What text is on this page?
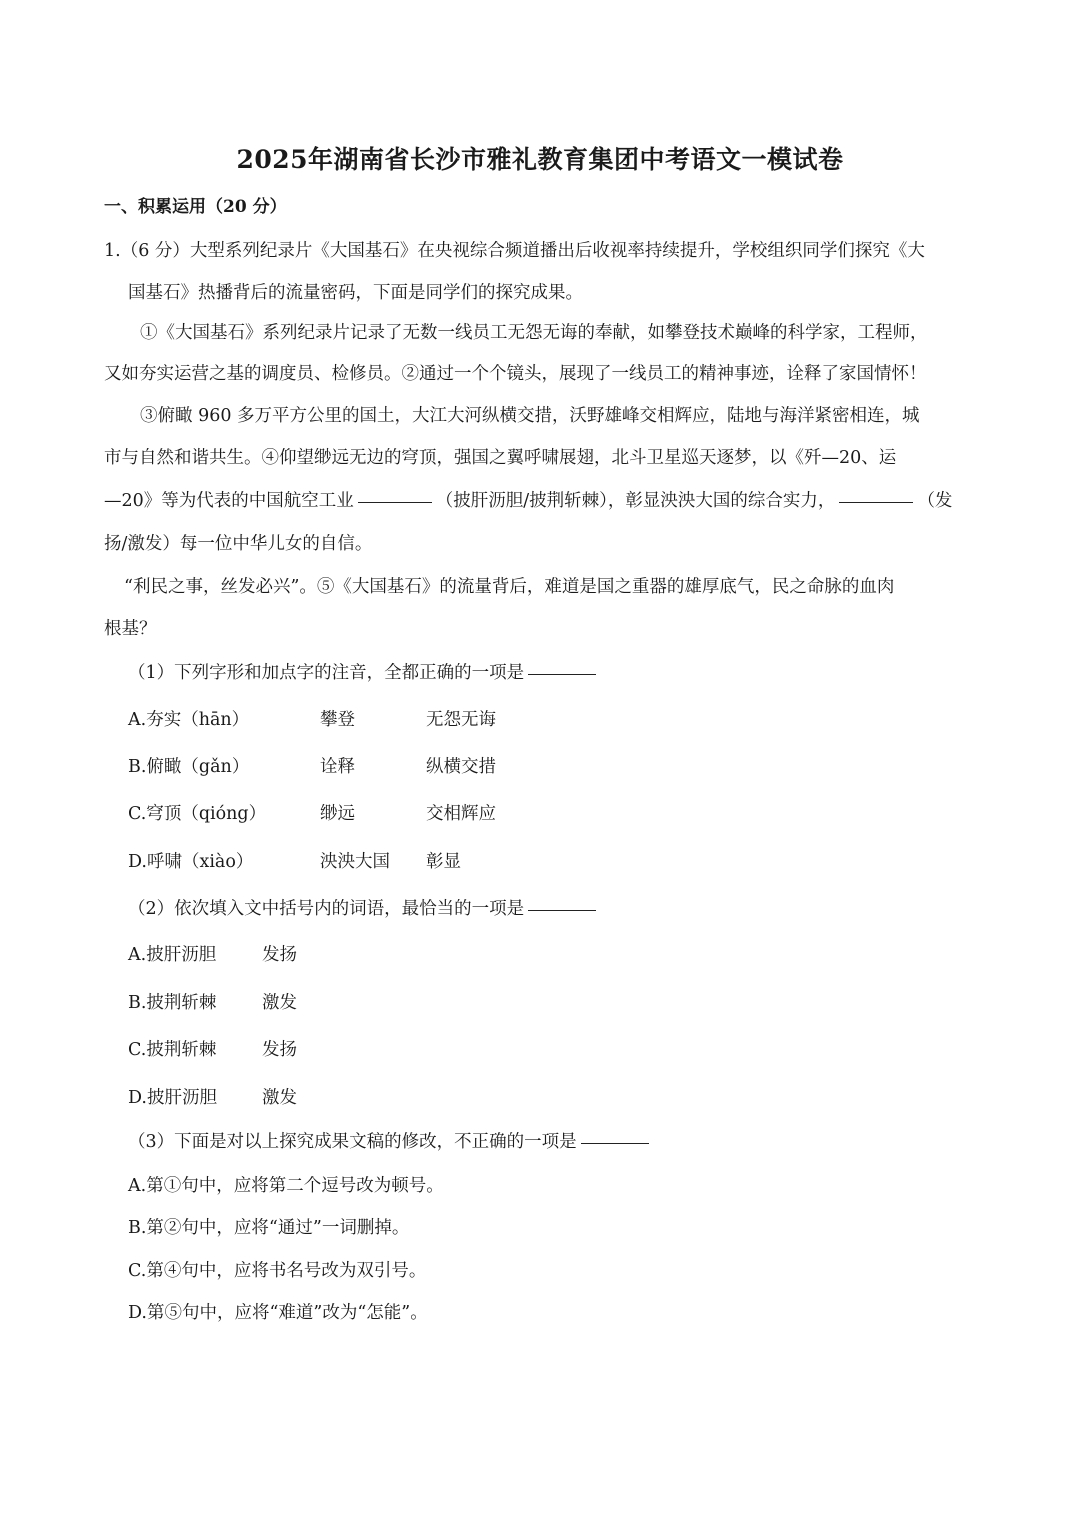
2025年湖南省长沙市雅礼教育集团中考语文一模试卷
一、积累运用（20 分）
1.（6 分）大型系列纪录片《大国基石》在央视综合频道播出后收视率持续提升，学校组织同学们探究《大
国基石》热播背后的流量密码，下面是同学们的探究成果。
①《大国基石》系列纪录片记录了无数一线员工无怨无诲的奉献，如攀登技术巅峰的科学家，工程师，
又如夯实运营之基的调度员、检修员。②通过一个个镜头，展现了一线员工的精神事迹，诠释了家国情怀！
③俯瞰 960 多万平方公里的国土，大江大河纵横交措，沃野雄峰交相辉应，陆地与海洋紧密相连，城
市与自然和谐共生。④仰望缈远无边的穹顶，强国之翼呼啸展翅，北斗卫星巡天逐梦，以《歼—20、运
—20》等为代表的中国航空工业	（披肝沥胆/披荆斩棘），彰显泱泱大国的综合实力，	（发
扬/激发）每一位中华儿女的自信。
“利民之事，丝发必兴”。⑤《大国基石》的流量背后，难道是国之重器的雄厚底气，民之命脉的血肉
根基？
（1）下列字形和加点字的注音，全都正确的一项是
A.夯实（hān）	攀登	无怨无诲
B.俯瞰（gǎn）	诠释	纵横交措
C.穹顶（qióng）	缈远	交相辉应
D.呼啸（xiào）	泱泱大国 彰显
（2）依次填入文中括号内的词语，最恰当的一项是
A.披肝沥胆	发扬
B.披荆斩棘	激发
C.披荆斩棘	发扬
D.披肝沥胆	激发
（3）下面是对以上探究成果文稿的修改，不正确的一项是
A.第①句中，应将第二个逗号改为顿号。
B.第②句中，应将“通过”一词删掉。
C.第④句中，应将书名号改为双引号。
D.第⑤句中，应将“难道”改为“怎能”。
